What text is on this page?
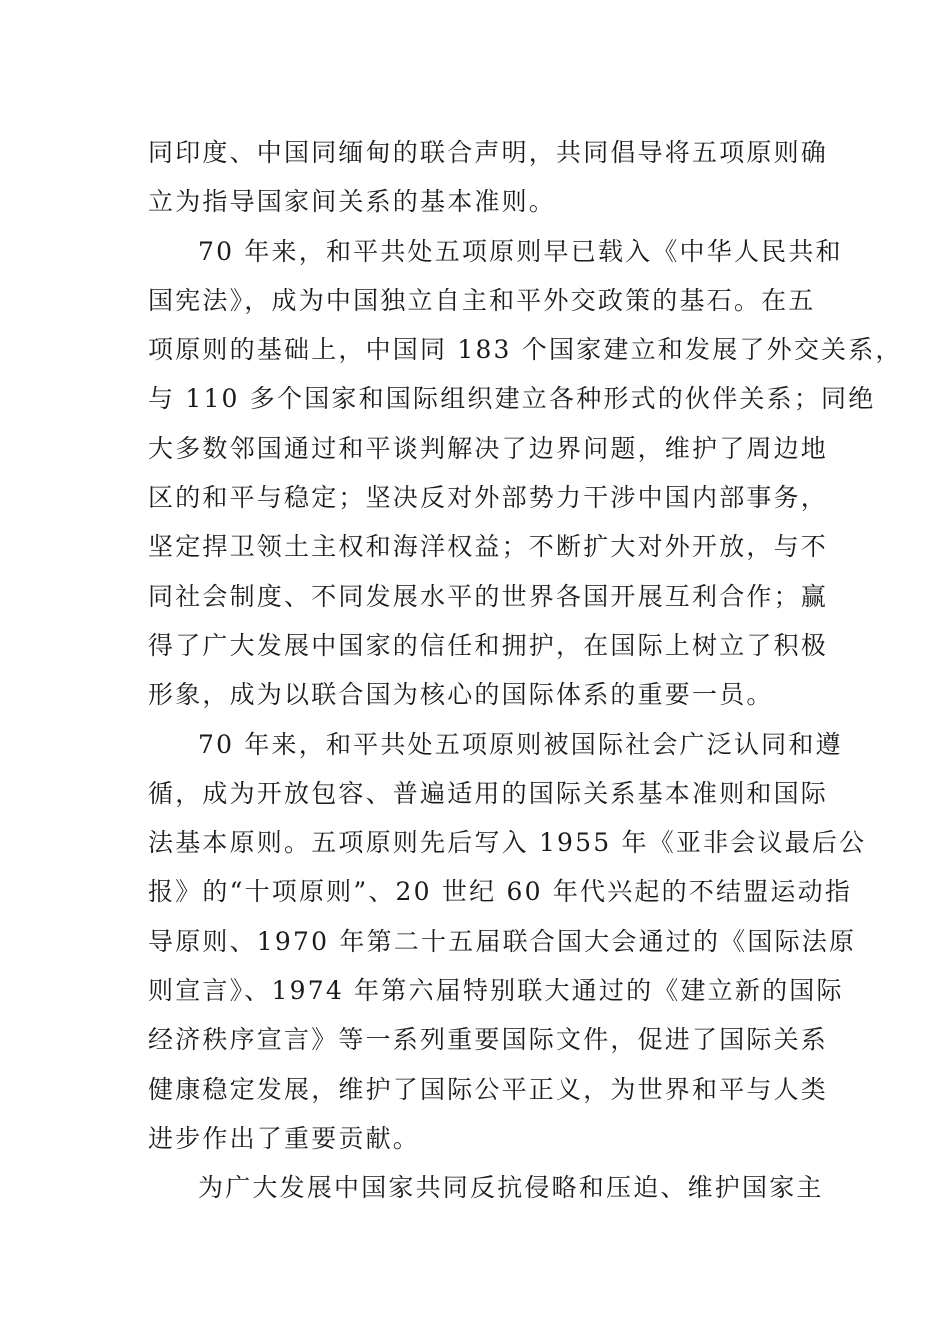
同印度、中国同缅甸的联合声明，共同倡导将五项原则确
立为指导国家间关系的基本准则。
70 年来，和平共处五项原则早已载入《中华人民共和
国宪法》，成为中国独立自主和平外交政策的基石。在五
项原则的基础上，中国同 183 个国家建立和发展了外交关系，
与 110 多个国家和国际组织建立各种形式的伙伴关系；同绝
大多数邻国通过和平谈判解决了边界问题，维护了周边地
区的和平与稳定；坚决反对外部势力干涉中国内部事务，
坚定捍卫领土主权和海洋权益；不断扩大对外开放，与不
同社会制度、不同发展水平的世界各国开展互利合作；赢
得了广大发展中国家的信任和拥护，在国际上树立了积极
形象，成为以联合国为核心的国际体系的重要一员。
70 年来，和平共处五项原则被国际社会广泛认同和遵
循，成为开放包容、普遍适用的国际关系基本准则和国际
法基本原则。五项原则先后写入 1955 年《亚非会议最后公
报》的“十项原则”、20 世纪 60 年代兴起的不结盟运动指
导原则、1970 年第二十五届联合国大会通过的《国际法原
则宣言》、1974 年第六届特别联大通过的《建立新的国际
经济秩序宣言》等一系列重要国际文件，促进了国际关系
健康稳定发展，维护了国际公平正义，为世界和平与人类
进步作出了重要贡献。
为广大发展中国家共同反抗侵略和压迫、维护国家主
